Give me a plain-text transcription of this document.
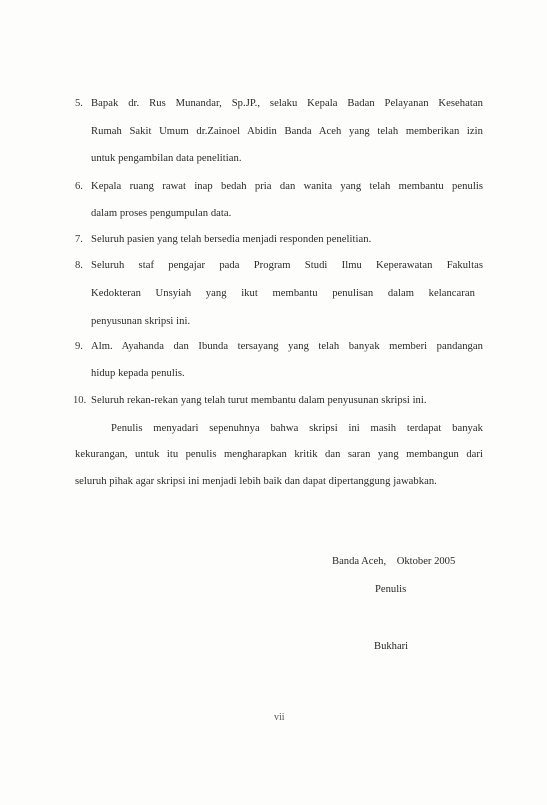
5. Bapak dr. Rus Munandar, Sp.JP., selaku Kepala Badan Pelayanan Kesehatan
Rumah Sakit Umum dr.Zainoel Abidin Banda Aceh yang telah memberikan izin
untuk pengambilan data penelitian.
6. Kepala ruang rawat inap bedah pria dan wanita yang telah membantu penulis
dalam proses pengumpulan data.
7. Seluruh pasien yang telah bersedia menjadi responden penelitian.
8. Seluruh staf pengajar pada Program Studi Ilmu Keperawatan Fakultas
Kedokteran Unsyiah yang ikut membantu penulisan dalam kelancaran
penyusunan skripsi ini.
9. Alm. Ayahanda dan Ibunda tersayang yang telah banyak memberi pandangan
hidup kepada penulis.
10. Seluruh rekan-rekan yang telah turut membantu dalam penyusunan skripsi ini.
Penulis menyadari sepenuhnya bahwa skripsi ini masih terdapat banyak
kekurangan, untuk itu penulis mengharapkan kritik dan saran yang membangun dari
seluruh pihak agar skripsi ini menjadi lebih baik dan dapat dipertanggung jawabkan.
Banda Aceh,    Oktober 2005
Penulis
Bukhari
vii
